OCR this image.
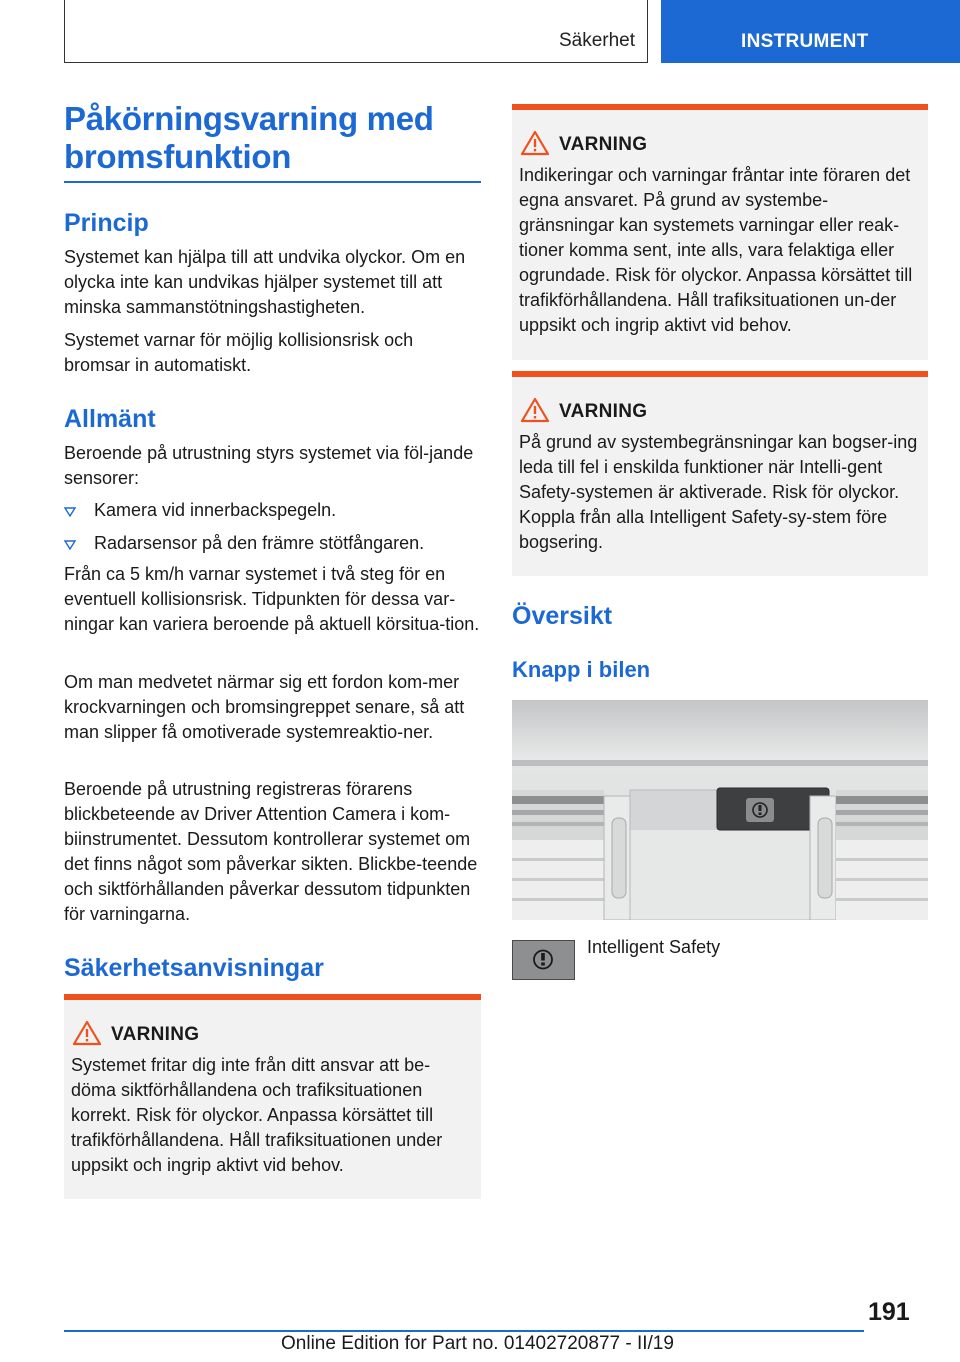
Säkerhet	INSTRUMENT
Påkörningsvarning med bromsfunktion
Princip

Systemet kan hjälpa till att undvika olyckor. Om en olycka inte kan undvikas hjälper systemet till att minska sammanstötningshastigheten.

Systemet varnar för möjlig kollisionsrisk och bromsar in automatiskt.

Allmänt

Beroende på utrustning styrs systemet via föl-jande sensorer:

Kamera vid innerbackspegeln.
Radarsensor på den främre stötfångaren.

Från ca 5 km/h varnar systemet i två steg för en eventuell kollisionsrisk. Tidpunkten för dessa var-ningar kan variera beroende på aktuell körsitua-tion.

Om man medvetet närmar sig ett fordon kom-mer krockvarningen och bromsingreppet senare, så att man slipper få omotiverade systemreaktio-ner.

Beroende på utrustning registreras förarens blickbeteende av Driver Attention Camera i kom-biinstrumentet. Dessutom kontrollerar systemet om det finns något som påverkar sikten. Blickbe-teende och siktförhållanden påverkar dessutom tidpunkten för varningarna.

Säkerhetsanvisningar
VARNING

Systemet fritar dig inte från ditt ansvar att be-döma siktförhållandena och trafiksituationen korrekt. Risk för olyckor. Anpassa körsättet till trafikförhållandena. Håll trafiksituationen under uppsikt och ingrip aktivt vid behov.

VARNING

Indikeringar och varningar fråntar inte föraren det egna ansvaret. På grund av systembe-gränsningar kan systemets varningar eller reak-tioner komma sent, inte alls, vara felaktiga eller ogrundade. Risk för olyckor. Anpassa körsättet till trafikförhållandena. Håll trafiksituationen un-der uppsikt och ingrip aktivt vid behov.

VARNING

På grund av systembegränsningar kan bogser-ing leda till fel i enskilda funktioner när Intelli-gent Safety-systemen är aktiverade. Risk för olyckor. Koppla från alla Intelligent Safety-sy-stem före bogsering.

Översikt
Knapp i bilen
Intelligent Safety
191
Online Edition for Part no. 01402720877 - II/19
